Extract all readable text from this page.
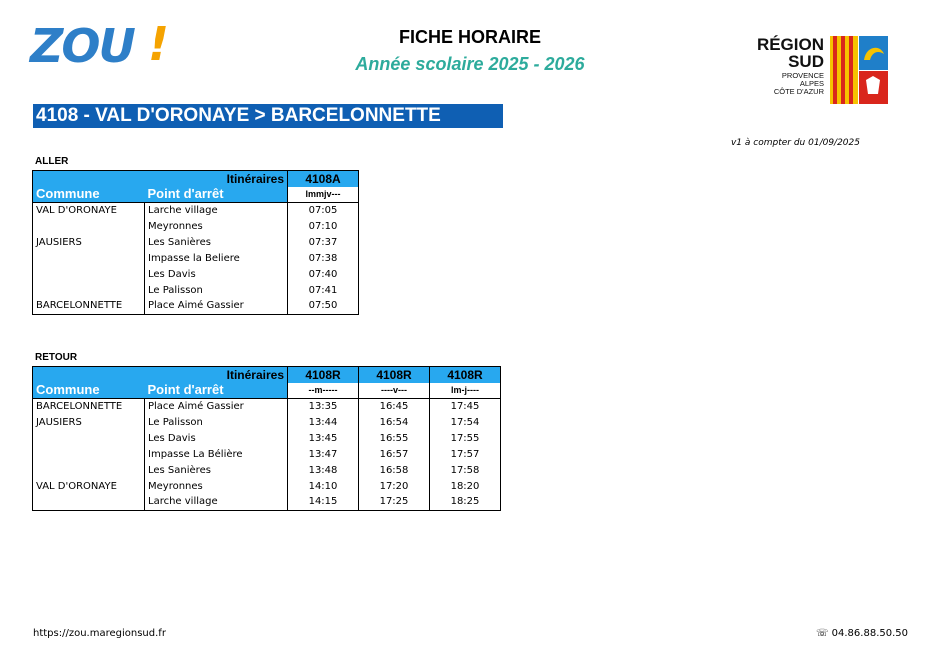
ZOU !	FICHE HORAIRE
Année scolaire 2025 - 2026
RÉGION SUD
PROVENCE
ALPES
CÔTE D'AZUR
4108 - VAL D'ORONAYE > BARCELONNETTE
v1 à compter du 01/09/2025
ALLER
	Itinéraires	4108A
Commune	Point d'arrêt	lmmjv---
VAL D'ORONAYE	Larche village	07:05
	Meyronnes	07:10
JAUSIERS	Les Sanières	07:37
	Impasse la Beliere	07:38
	Les Davis	07:40
	Le Palisson	07:41
BARCELONNETTE	Place Aimé Gassier	07:50
RETOUR
	Itinéraires	4108R	4108R	4108R
Commune	Point d'arrêt	--m-----	----v---	lm-j----
BARCELONNETTE	Place Aimé Gassier	13:35	16:45	17:45
JAUSIERS	Le Palisson	13:44	16:54	17:54
	Les Davis	13:45	16:55	17:55
	Impasse La Bélière	13:47	16:57	17:57
	Les Sanières	13:48	16:58	17:58
VAL D'ORONAYE	Meyronnes	14:10	17:20	18:20
	Larche village	14:15	17:25	18:25
https://zou.maregionsud.fr	☏ 04.86.88.50.50
